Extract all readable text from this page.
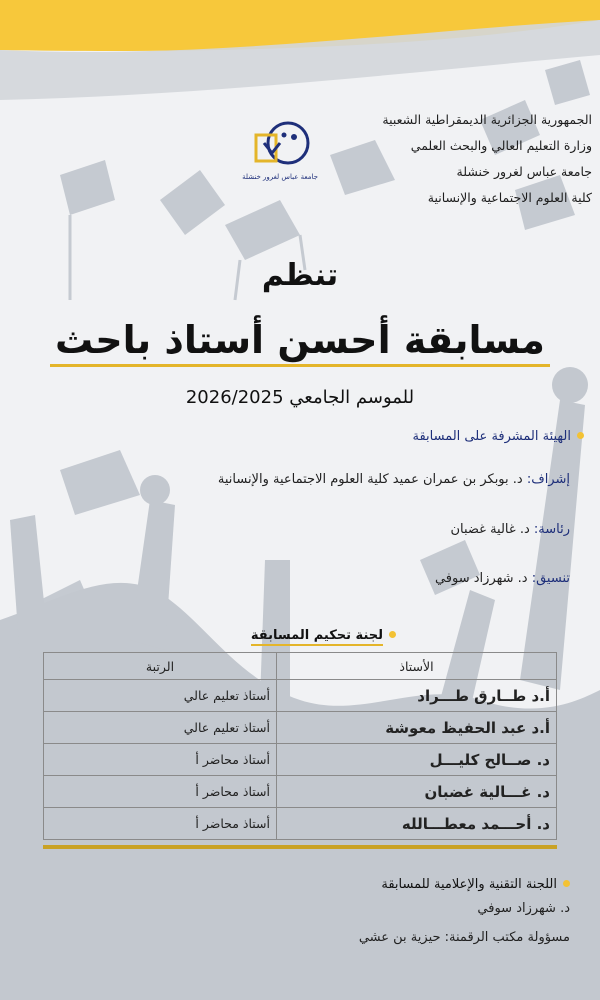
الجمهورية الجزائرية الديمقراطية الشعبية
وزارة التعليم العالي والبحث العلمي
جامعة عباس لغرور خنشلة
كلية العلوم الاجتماعية والإنسانية
جامعة عباس لغرور خنشلة
تنظم
مسابقة أحسن أستاذ باحث
للموسم الجامعي 2026/2025
الهيئة المشرفة على المسابقة
إشراف: د. بوبكر بن عمران عميد كلية العلوم الاجتماعية والإنسانية
رئاسة: د. غالية غضبان
تنسيق: د. شهرزاد سوفي
لجنة تحكيم المسابقة
الأستاذ	الرتبة
أ.د طــارق طـــراد	أستاذ تعليم عالي
أ.د عبد الحفيظ معوشة	أستاذ تعليم عالي
د. صــالح كليـــل	أستاذ محاضر أ
د. غـــالية غضبان	أستاذ محاضر أ
د. أحـــمد معطـــالله	أستاذ محاضر أ
اللجنة التقنية والإعلامية للمسابقة
د. شهرزاد سوفي
مسؤولة مكتب الرقمنة: حيزية بن عشي
